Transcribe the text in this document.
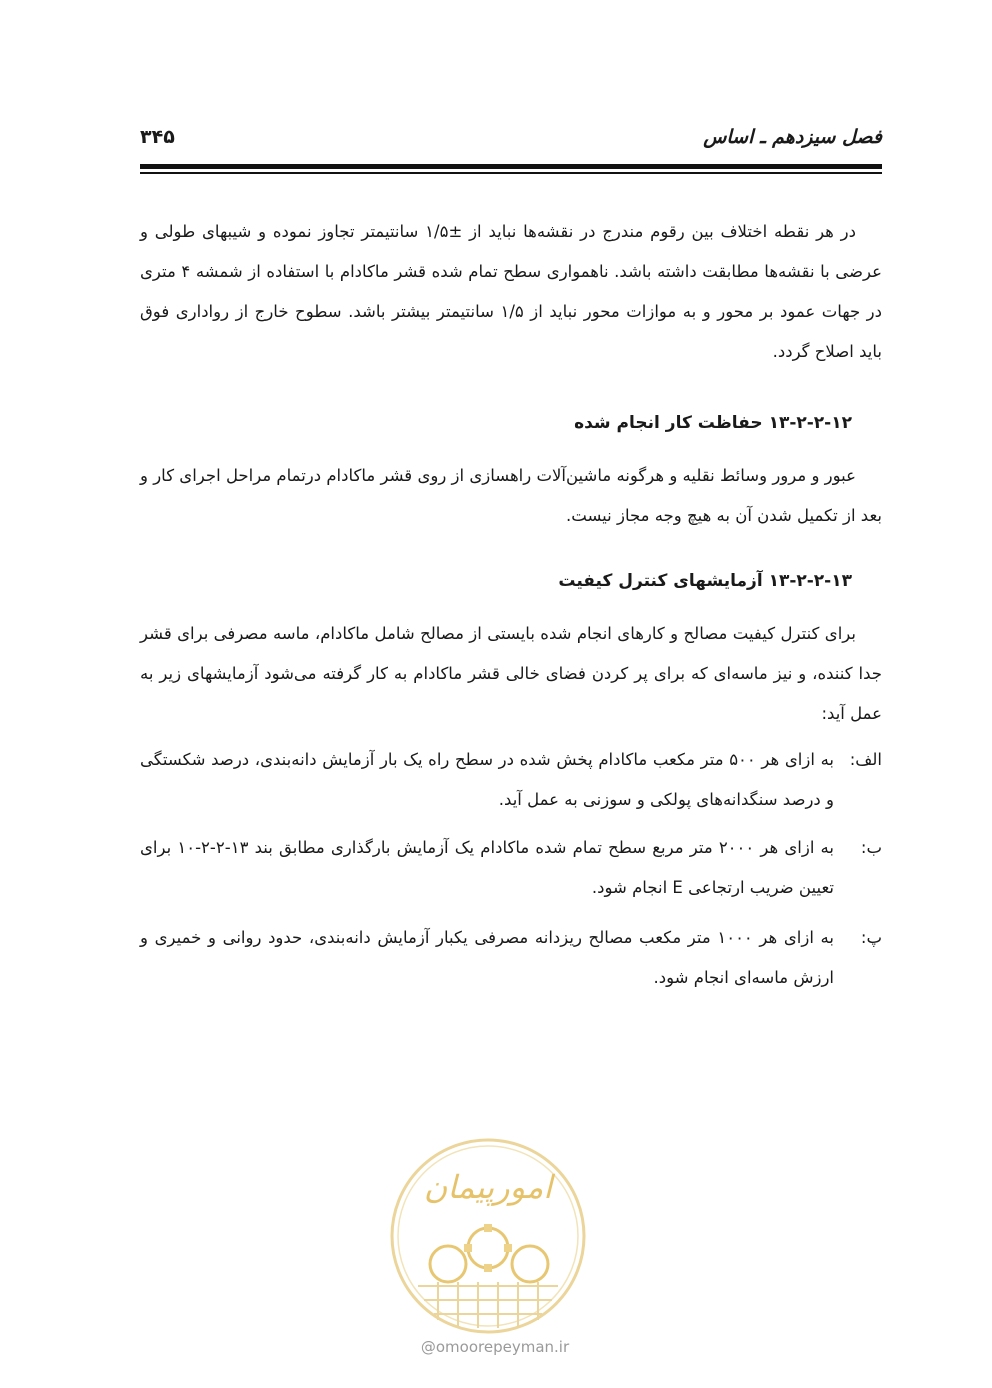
فصل سیزدهم ـ اساس
۳۴۵

در هر نقطه اختلاف بین رقوم مندرج در نقشه‌ها نباید از ±۱/۵ سانتیمتر تجاوز نموده و شیبهای طولی و عرضی با نقشه‌ها مطابقت داشته باشد. ناهمواری سطح تمام شده قشر ماکادام با استفاده از شمشه ۴ متری در جهات عمود بر محور و به موازات محور نباید از ۱/۵ سانتیمتر بیشتر باشد. سطوح خارج از رواداری فوق باید اصلاح گردد.

۱۳-۲-۲-۱۲ حفاظت کار انجام شده

عبور و مرور وسائط نقلیه و هرگونه ماشین‌آلات راهسازی از روی قشر ماکادام درتمام مراحل اجرای کار و بعد از تکمیل شدن آن به هیچ وجه مجاز نیست.

۱۳-۲-۲-۱۳ آزمایشهای کنترل کیفیت

برای کنترل کیفیت مصالح و کارهای انجام شده بایستی از مصالح شامل ماکادام، ماسه مصرفی برای قشر جدا کننده، و نیز ماسه‌ای که برای پر کردن فضای خالی قشر ماکادام به کار گرفته می‌شود آزمایشهای زیر به عمل آید:

الف:

به ازای هر ۵۰۰ متر مکعب ماکادام پخش شده در سطح راه یک بار آزمایش دانه‌بندی، درصد شکستگی و درصد سنگدانه‌های پولکی و سوزنی به عمل آید.

ب:

به ازای هر ۲۰۰۰ متر مربع سطح تمام شده ماکادام یک آزمایش بارگذاری مطابق بند ۱۳-۲-۲-۱۰ برای تعیین ضریب ارتجاعی E انجام شود.

پ:

به ازای هر ۱۰۰۰ متر مکعب مصالح ریزدانه مصرفی یکبار آزمایش دانه‌بندی، حدود روانی و خمیری و ارزش ماسه‌ای انجام شود.

امورپیمان
@omoorepeyman.ir
